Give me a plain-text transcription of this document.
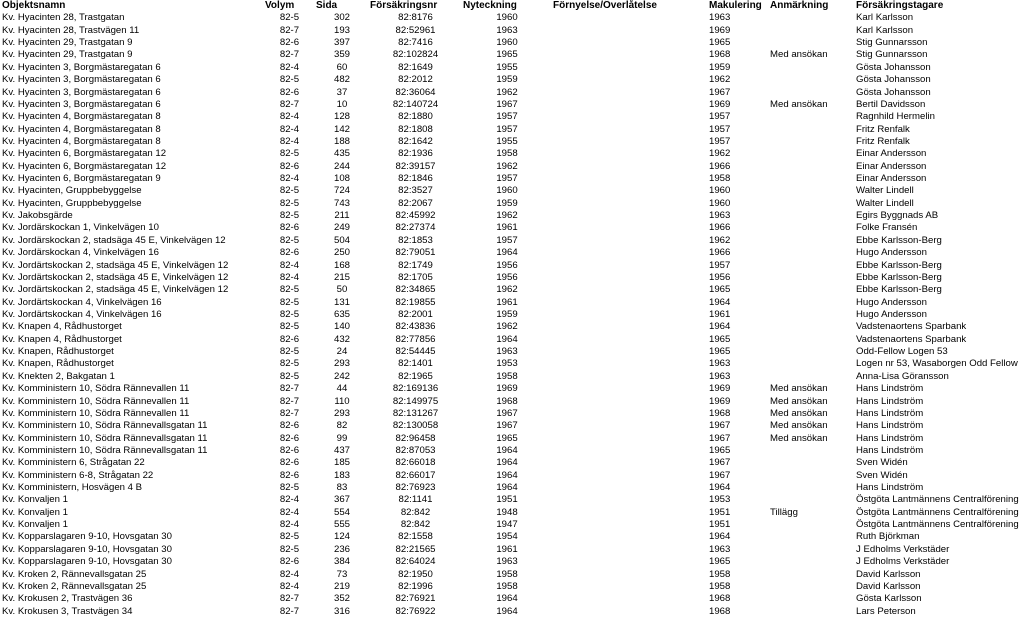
Objektsnamn	Volym	Sida	Försäkringsnr	Nyteckning	Förnyelse/Överlåtelse	Makulering	Anmärkning	Försäkringstagare
Kv. Hyacinten 28, Trastgatan	82-5	302	82:8176	1960		1963		Karl Karlsson
Kv. Hyacinten 28, Trastvägen 11	82-7	193	82:52961	1963		1969		Karl Karlsson
Kv. Hyacinten 29, Trastgatan 9	82-6	397	82:7416	1960		1965		Stig Gunnarsson
Kv. Hyacinten 29, Trastgatan 9	82-7	359	82:102824	1965		1968	Med ansökan	Stig Gunnarsson
Kv. Hyacinten 3, Borgmästaregatan 6	82-4	60	82:1649	1955		1959		Gösta Johansson
Kv. Hyacinten 3, Borgmästaregatan 6	82-5	482	82:2012	1959		1962		Gösta Johansson
Kv. Hyacinten 3, Borgmästaregatan 6	82-6	37	82:36064	1962		1967		Gösta Johansson
Kv. Hyacinten 3, Borgmästaregatan 6	82-7	10	82:140724	1967		1969	Med ansökan	Bertil Davidsson
Kv. Hyacinten 4, Borgmästaregatan 8	82-4	128	82:1880	1957		1957		Ragnhild Hermelin
Kv. Hyacinten 4, Borgmästaregatan 8	82-4	142	82:1808	1957		1957		Fritz Renfalk
Kv. Hyacinten 4, Borgmästaregatan 8	82-4	188	82:1642	1955		1957		Fritz Renfalk
Kv. Hyacinten 6, Borgmästaregatan 12	82-5	435	82:1936	1958		1962		Einar Andersson
Kv. Hyacinten 6, Borgmästaregatan 12	82-6	244	82:39157	1962		1966		Einar Andersson
Kv. Hyacinten 6, Borgmästaregatan 9	82-4	108	82:1846	1957		1958		Einar Andersson
Kv. Hyacinten, Gruppbebyggelse	82-5	724	82:3527	1960		1960		Walter Lindell
Kv. Hyacinten, Gruppbebyggelse	82-5	743	82:2067	1959		1960		Walter Lindell
Kv. Jakobsgärde	82-5	211	82:45992	1962		1963		Egirs Byggnads AB
Kv. Jordärskockan 1, Vinkelvägen 10	82-6	249	82:27374	1961		1966		Folke Fransén
Kv. Jordärskockan 2, stadsäga 45 E, Vinkelvägen 12	82-5	504	82:1853	1957		1962		Ebbe Karlsson-Berg
Kv. Jordärskockan 4, Vinkelvägen 16	82-6	250	82:79051	1964		1966		Hugo Andersson
Kv. Jordärtskockan 2, stadsäga 45 E, Vinkelvägen 12	82-4	168	82:1749	1956		1957		Ebbe Karlsson-Berg
Kv. Jordärtskockan 2, stadsäga 45 E, Vinkelvägen 12	82-4	215	82:1705	1956		1956		Ebbe Karlsson-Berg
Kv. Jordärtskockan 2, stadsäga 45 E, Vinkelvägen 12	82-5	50	82:34865	1962		1965		Ebbe Karlsson-Berg
Kv. Jordärtskockan 4, Vinkelvägen 16	82-5	131	82:19855	1961		1964		Hugo Andersson
Kv. Jordärtskockan 4, Vinkelvägen 16	82-5	635	82:2001	1959		1961		Hugo Andersson
Kv. Knapen 4, Rådhustorget	82-5	140	82:43836	1962		1964		Vadstenaortens Sparbank
Kv. Knapen 4, Rådhustorget	82-6	432	82:77856	1964		1965		Vadstenaortens Sparbank
Kv. Knapen, Rådhustorget	82-5	24	82:54445	1963		1965		Odd-Fellow Logen 53
Kv. Knapen, Rådhustorget	82-5	293	82:1401	1953		1963		Logen nr 53, Wasaborgen Odd Fellow
Kv. Knekten 2, Bakgatan 1	82-5	242	82:1965	1958		1963		Anna-Lisa Göransson
Kv. Komministern 10, Södra Rännevallen 11	82-7	44	82:169136	1969		1969	Med ansökan	Hans Lindström
Kv. Komministern 10, Södra Rännevallen 11	82-7	110	82:149975	1968		1969	Med ansökan	Hans Lindström
Kv. Komministern 10, Södra Rännevallen 11	82-7	293	82:131267	1967		1968	Med ansökan	Hans Lindström
Kv. Komministern 10, Södra Rännevallsgatan 11	82-6	82	82:130058	1967		1967	Med ansökan	Hans Lindström
Kv. Komministern 10, Södra Rännevallsgatan 11	82-6	99	82:96458	1965		1967	Med ansökan	Hans Lindström
Kv. Komministern 10, Södra Rännevallsgatan 11	82-6	437	82:87053	1964		1965		Hans Lindström
Kv. Komministern 6, Strågatan 22	82-6	185	82:66018	1964		1967		Sven Widén
Kv. Komministern 6-8, Strågatan 22	82-6	183	82:66017	1964		1967		Sven Widén
Kv. Komministern, Hosvägen 4 B	82-5	83	82:76923	1964		1964		Hans Lindström
Kv. Konvaljen 1	82-4	367	82:1141	1951		1953		Östgöta Lantmännens Centralförening
Kv. Konvaljen 1	82-4	554	82:842	1948		1951	Tillägg	Östgöta Lantmännens Centralförening
Kv. Konvaljen 1	82-4	555	82:842	1947		1951		Östgöta Lantmännens Centralförening
Kv. Kopparslagaren 9-10, Hovsgatan 30	82-5	124	82:1558	1954		1964		Ruth Björkman
Kv. Kopparslagaren 9-10, Hovsgatan 30	82-5	236	82:21565	1961		1963		J Edholms Verkstäder
Kv. Kopparslagaren 9-10, Hovsgatan 30	82-6	384	82:64024	1963		1965		J Edholms Verkstäder
Kv. Kroken 2, Rännevallsgatan 25	82-4	73	82:1950	1958		1958		David Karlsson
Kv. Kroken 2, Rännevallsgatan 25	82-4	219	82:1996	1958		1958		David Karlsson
Kv. Krokusen 2, Trastvägen 36	82-7	352	82:76921	1964		1968		Gösta Karlsson
Kv. Krokusen 3, Trastvägen 34	82-7	316	82:76922	1964		1968		Lars Peterson
